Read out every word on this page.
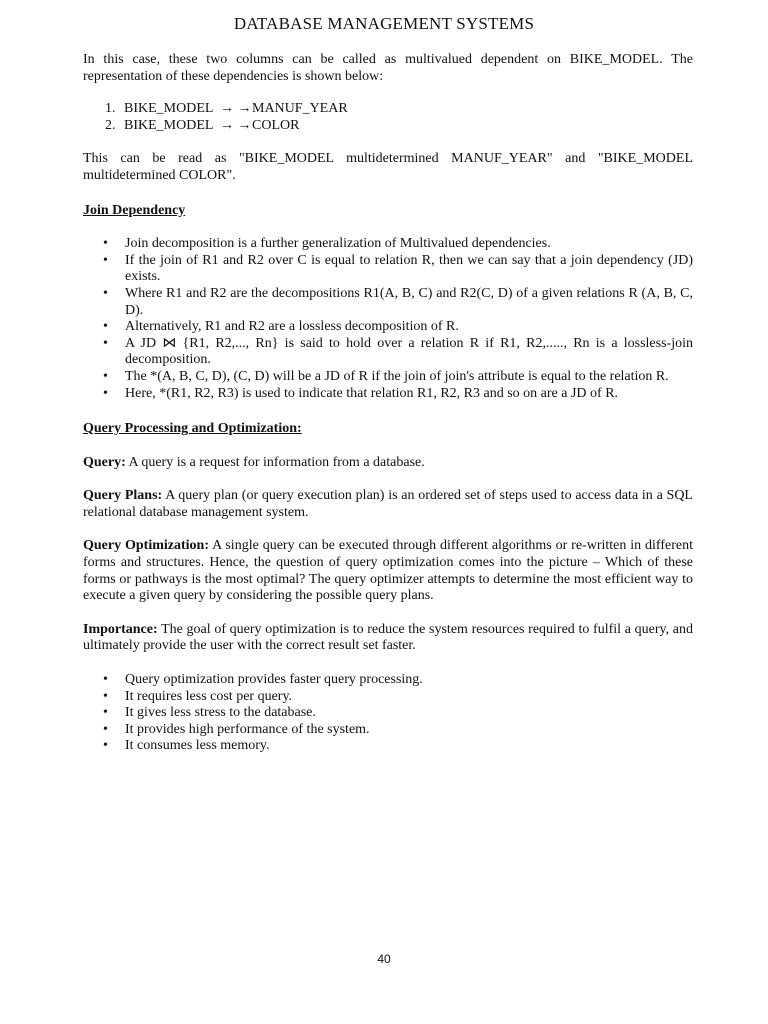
DATABASE MANAGEMENT SYSTEMS

In this case, these two columns can be called as multivalued dependent on BIKE_MODEL. The representation of these dependencies is shown below:

1. BIKE_MODEL → → MANUF_YEAR
2. BIKE_MODEL → → COLOR

This can be read as "BIKE_MODEL multidetermined MANUF_YEAR" and "BIKE_MODEL multidetermined COLOR".

Join Dependency
• Join decomposition is a further generalization of Multivalued dependencies.
• If the join of R1 and R2 over C is equal to relation R, then we can say that a join dependency (JD) exists.
• Where R1 and R2 are the decompositions R1(A, B, C) and R2(C, D) of a given relations R (A, B, C, D).
• Alternatively, R1 and R2 are a lossless decomposition of R.
• A JD ⋈ {R1, R2,..., Rn} is said to hold over a relation R if R1, R2,....., Rn is a lossless-join decomposition.
• The *(A, B, C, D), (C, D) will be a JD of R if the join of join's attribute is equal to the relation R.
• Here, *(R1, R2, R3) is used to indicate that relation R1, R2, R3 and so on are a JD of R.
Query Processing and Optimization:

Query: A query is a request for information from a database.

Query Plans: A query plan (or query execution plan) is an ordered set of steps used to access data in a SQL relational database management system.

Query Optimization: A single query can be executed through different algorithms or re-written in different forms and structures. Hence, the question of query optimization comes into the picture – Which of these forms or pathways is the most optimal? The query optimizer attempts to determine the most efficient way to execute a given query by considering the possible query plans.

Importance: The goal of query optimization is to reduce the system resources required to fulfil a query, and ultimately provide the user with the correct result set faster.

• Query optimization provides faster query processing.
• It requires less cost per query.
• It gives less stress to the database.
• It provides high performance of the system.
• It consumes less memory.
40
